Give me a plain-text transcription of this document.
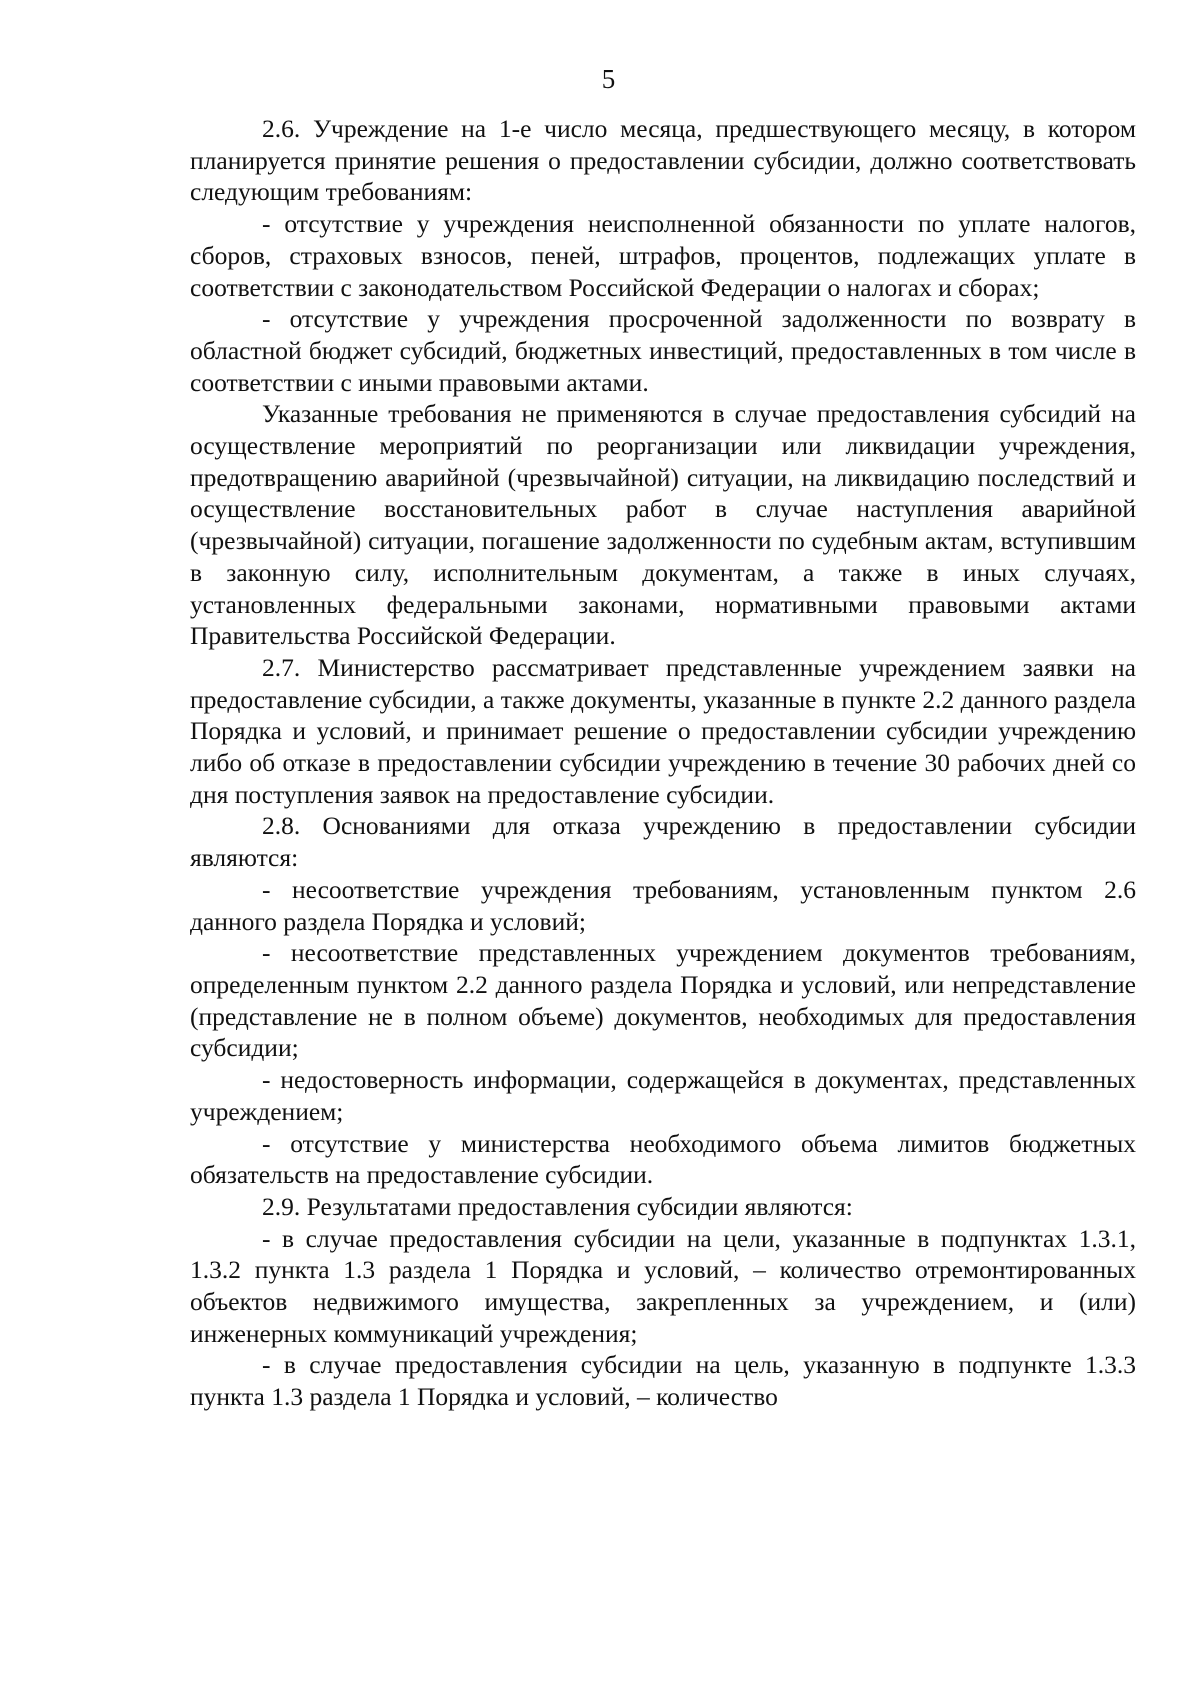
5

2.6. Учреждение на 1-е число месяца, предшествующего месяцу, в котором планируется принятие решения о предоставлении субсидии, должно соответствовать следующим требованиям:

- отсутствие у учреждения неисполненной обязанности по уплате налогов, сборов, страховых взносов, пеней, штрафов, процентов, подлежащих уплате в соответствии с законодательством Российской Федерации о налогах и сборах;

- отсутствие у учреждения просроченной задолженности по возврату в областной бюджет субсидий, бюджетных инвестиций, предоставленных в том числе в соответствии с иными правовыми актами.

Указанные требования не применяются в случае предоставления субсидий на осуществление мероприятий по реорганизации или ликвидации учреждения, предотвращению аварийной (чрезвычайной) ситуации, на ликвидацию последствий и осуществление восстановительных работ в случае наступления аварийной (чрезвычайной) ситуации, погашение задолженности по судебным актам, вступившим в законную силу, исполнительным документам, а также в иных случаях, установленных федеральными законами, нормативными правовыми актами Правительства Российской Федерации.

2.7. Министерство рассматривает представленные учреждением заявки на предоставление субсидии, а также документы, указанные в пункте 2.2 данного раздела Порядка и условий, и принимает решение о предоставлении субсидии учреждению либо об отказе в предоставлении субсидии учреждению в течение 30 рабочих дней со дня поступления заявок на предоставление субсидии.

2.8. Основаниями для отказа учреждению в предоставлении субсидии являются:

- несоответствие учреждения требованиям, установленным пунктом 2.6 данного раздела Порядка и условий;

- несоответствие представленных учреждением документов требованиям, определенным пунктом 2.2 данного раздела Порядка и условий, или непредставление (представление не в полном объеме) документов, необходимых для предоставления субсидии;

- недостоверность информации, содержащейся в документах, представленных учреждением;

- отсутствие у министерства необходимого объема лимитов бюджетных обязательств на предоставление субсидии.

2.9. Результатами предоставления субсидии являются:

- в случае предоставления субсидии на цели, указанные в подпунктах 1.3.1, 1.3.2 пункта 1.3 раздела 1 Порядка и условий, – количество отремонтированных объектов недвижимого имущества, закрепленных за учреждением, и (или) инженерных коммуникаций учреждения;

- в случае предоставления субсидии на цель, указанную в подпункте 1.3.3 пункта 1.3 раздела 1 Порядка и условий, – количество
